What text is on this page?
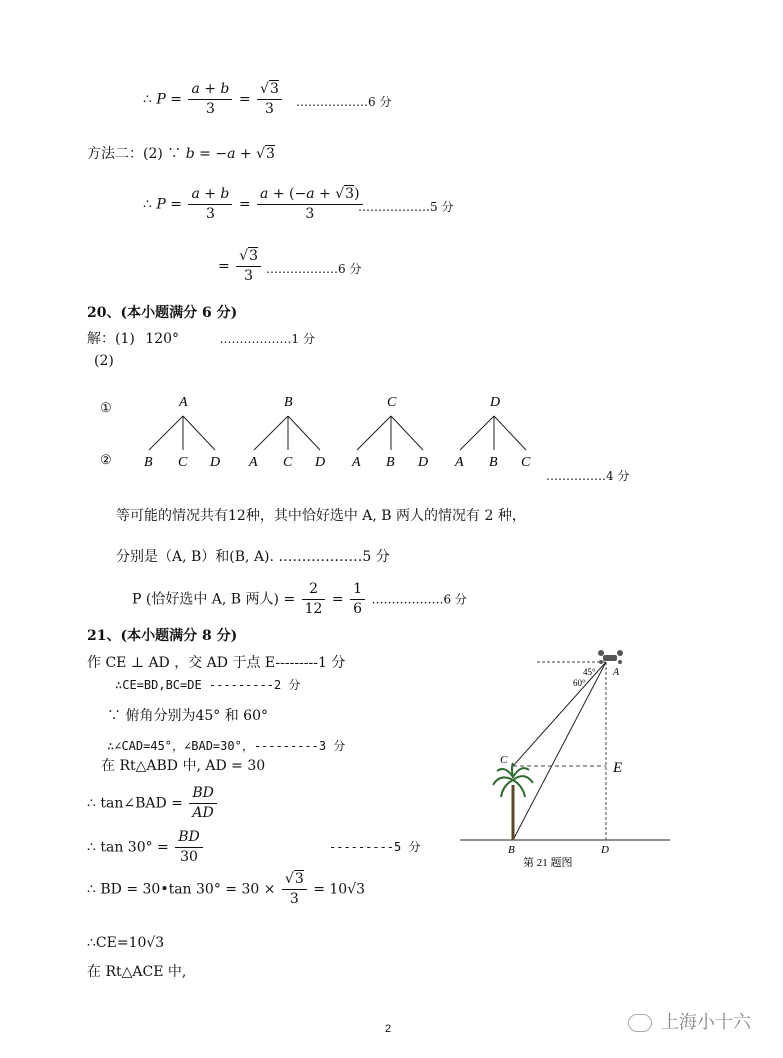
∴ $P = \frac{a + b}{3} = \frac{√3}{3}$ ………………6 分
方法二：(2) ∵ b = −a + √3
∴ $P = \frac{a + b}{3} = \frac{a + (-a + √3)}{3}$
………………5 分
= $\frac{√3}{3}$ ………………6 分
20、(本小题满分 6 分)
解：(1) 120°	………………1 分
(2)
①
②
A
B C D
B
A C D
C
A B D
D
A B C
……………4 分
等可能的情况共有12种，其中恰好选中 A, B 两人的情况有 2 种，
分别是（A, B）和(B, A). ………………5 分
P (恰好选中 A, B 两人) = $\frac{2}{12} = \frac{1}{6}$ ………………6 分
21、(本小题满分 8 分)
作 CE ⊥ AD ，交 AD 于点 E---------1 分
∴CE=BD,BC=DE ---------2 分
∵ 俯角分别为45° 和 60°
∴∠CAD=45°，∠BAD=30°，---------3 分
在 Rt△ABD 中, AD = 30
∴ tan∠BAD = $\frac{BD}{AD}$
∴ $\tan 30^\circ = \frac{BD}{30}$	---------5 分
∴ BD = 30•tan $30^\circ = 30 \times \frac{√3}{3} = 10√3$
∴CE=10√3
在 Rt△ACE 中,
A
C	E
B	D
45°
60°
第 21 题图
2	上海小十六
